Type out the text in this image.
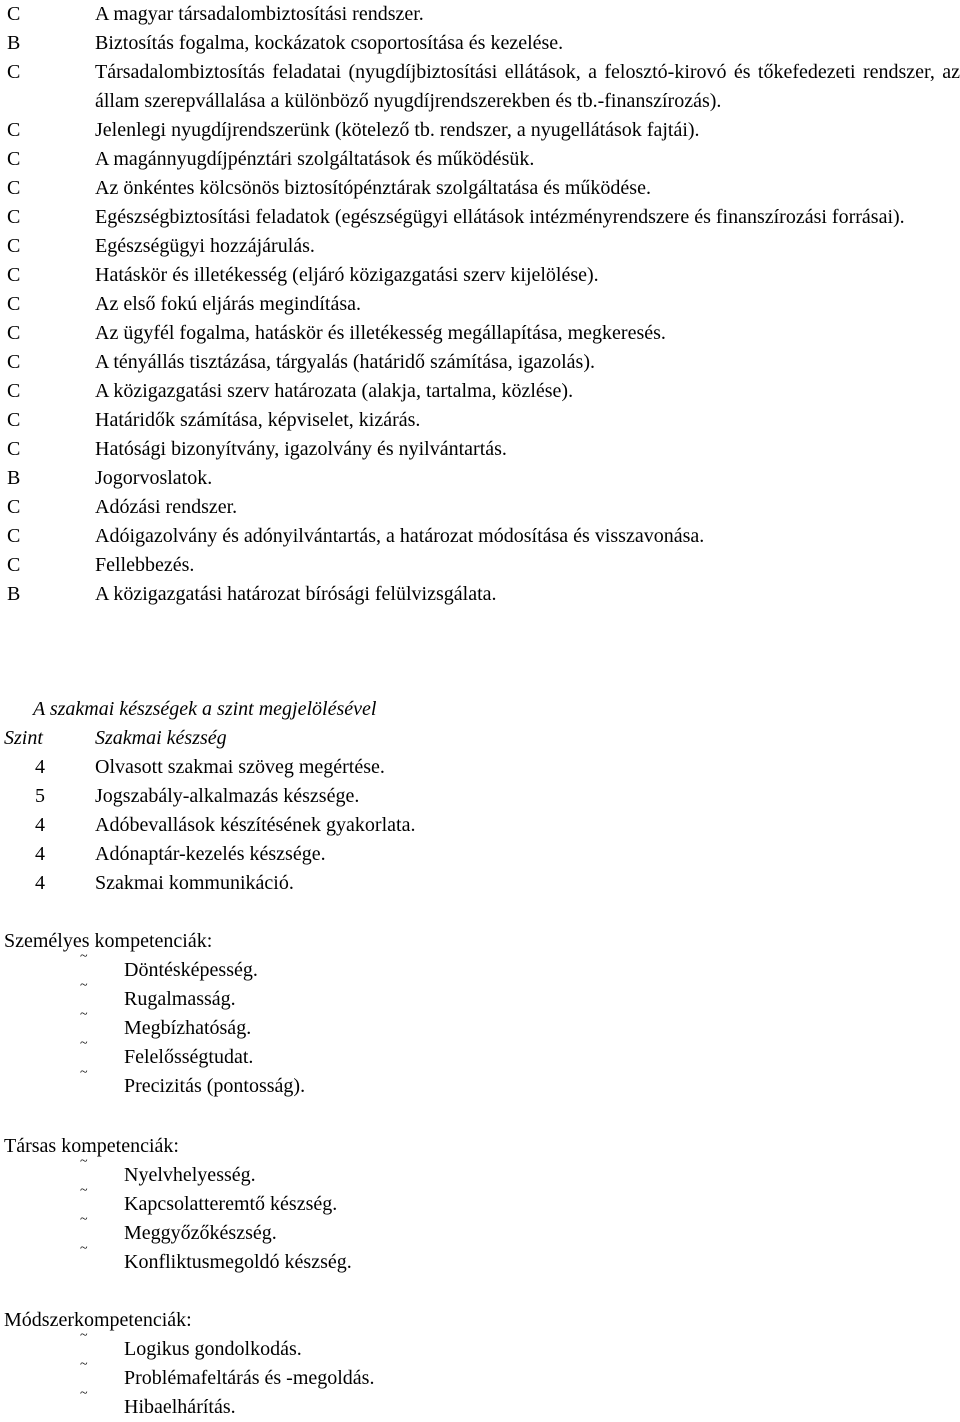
C	A magyar társadalombiztosítási rendszer.
B	Biztosítás fogalma, kockázatok csoportosítása és kezelése.
C	Társadalombiztosítás feladatai (nyugdíjbiztosítási ellátások, a felosztó-kirovó és tőkefedezeti rendszer, az állam szerepvállalása a különböző nyugdíjrendszerekben és tb.-finanszírozás).
C	Jelenlegi nyugdíjrendszerünk (kötelező tb. rendszer, a nyugellátások fajtái).
C	A magánnyugdíjpénztári szolgáltatások és működésük.
C	Az önkéntes kölcsönös biztosítópénztárak szolgáltatása és működése.
C	Egészségbiztosítási feladatok (egészségügyi ellátások intézményrendszere és finanszírozási forrásai).
C	Egészségügyi hozzájárulás.
C	Hatáskör és illetékesség (eljáró közigazgatási szerv kijelölése).
C	Az első fokú eljárás megindítása.
C	Az ügyfél fogalma, hatáskör és illetékesség megállapítása, megkeresés.
C	A tényállás tisztázása, tárgyalás (határidő számítása, igazolás).
C	A közigazgatási szerv határozata (alakja, tartalma, közlése).
C	Határidők számítása, képviselet, kizárás.
C	Hatósági bizonyítvány, igazolvány és nyilvántartás.
B	Jogorvoslatok.
C	Adózási rendszer.
C	Adóigazolvány és adónyilvántartás, a határozat módosítása és visszavonása.
C	Fellebbezés.
B	A közigazgatási határozat bírósági felülvizsgálata.
A szakmai készségek a szint megjelölésével
Szint	Szakmai készség
4	Olvasott szakmai szöveg megértése.
5	Jogszabály-alkalmazás készsége.
4	Adóbevallások készítésének gyakorlata.
4	Adónaptár-kezelés készsége.
4	Szakmai kommunikáció.
Személyes kompetenciák:
~
Döntésképesség.
~
Rugalmasság.
~
Megbízhatóság.
~
Felelősségtudat.
~
Precizitás (pontosság).
Társas kompetenciák:
~
Nyelvhelyesség.
~
Kapcsolatteremtő készség.
~
Meggyőzőkészség.
~
Konfliktusmegoldó készség.
Módszerkompetenciák:
~
Logikus gondolkodás.
~
Problémafeltárás és -megoldás.
~
Hibaelhárítás.
